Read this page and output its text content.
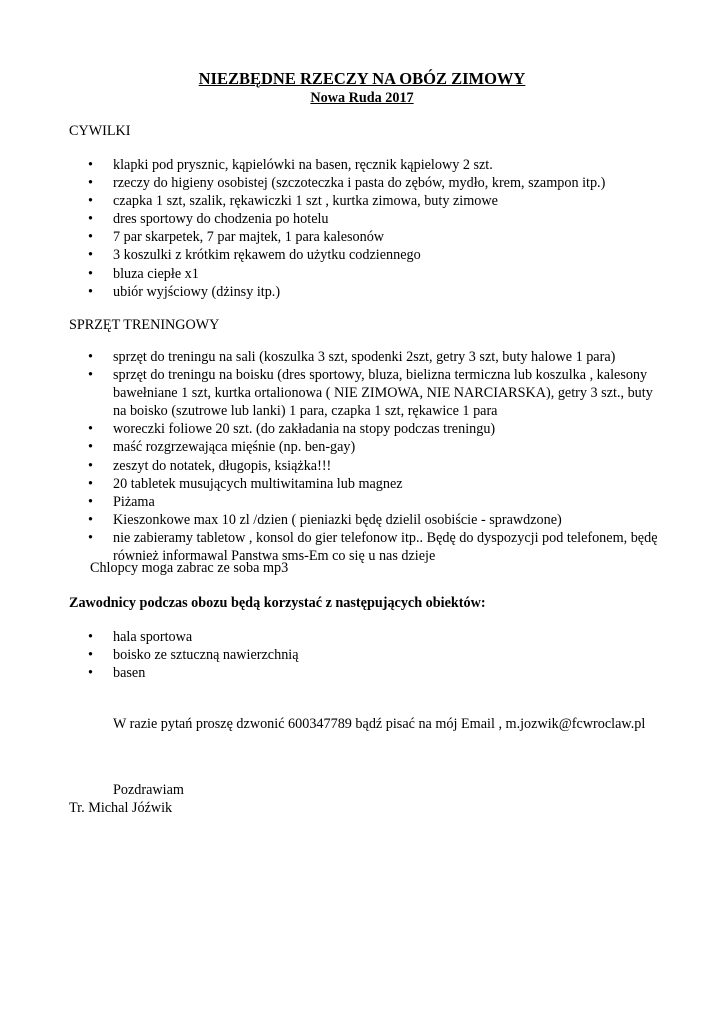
NIEZBĘDNE RZECZY NA OBÓZ ZIMOWY
Nowa Ruda 2017
CYWILKI
• klapki pod prysznic, kąpielówki na basen, ręcznik kąpielowy 2 szt.
• rzeczy do higieny osobistej (szczoteczka i pasta do zębów, mydło, krem, szampon itp.)
• czapka 1 szt, szalik, rękawiczki 1 szt , kurtka zimowa, buty zimowe
• dres sportowy do chodzenia po hotelu
• 7 par skarpetek, 7 par majtek, 1 para kalesonów
• 3 koszulki z krótkim rękawem do użytku codziennego
• bluza ciepłe x1
• ubiór wyjściowy (dżinsy itp.)
SPRZĘT TRENINGOWY
• sprzęt do treningu na sali (koszulka 3 szt, spodenki 2szt, getry 3 szt, buty halowe 1 para)
• sprzęt do treningu na boisku (dres sportowy, bluza, bielizna termiczna lub koszulka , kalesony bawełniane 1 szt, kurtka ortalionowa ( NIE ZIMOWA, NIE NARCIARSKA), getry 3 szt., buty na boisko (szutrowe lub lanki) 1 para, czapka 1 szt, rękawice 1 para
• woreczki foliowe 20 szt. (do zakładania na stopy podczas treningu)
• maść rozgrzewająca mięśnie (np. ben-gay)
• zeszyt do notatek, długopis, książka!!!
• 20 tabletek musujących multiwitamina lub magnez
• Piżama
• Kieszonkowe max 10 zl /dzien ( pieniazki będę dzielil osobiście - sprawdzone)
• nie zabieramy tabletow , konsol do gier telefonow itp.. Będę do dyspozycji pod telefonem, będę również informawal Panstwa sms-Em co się u nas dzieje
Chlopcy moga zabrac ze soba mp3
Zawodnicy podczas obozu będą korzystać z następujących obiektów:
• hala sportowa
• boisko ze sztuczną nawierzchnią
• basen
W razie pytań proszę dzwonić 600347789 bądź pisać na mój Email , m.jozwik@fcwroclaw.pl
Pozdrawiam
Tr. Michal Jóźwik
